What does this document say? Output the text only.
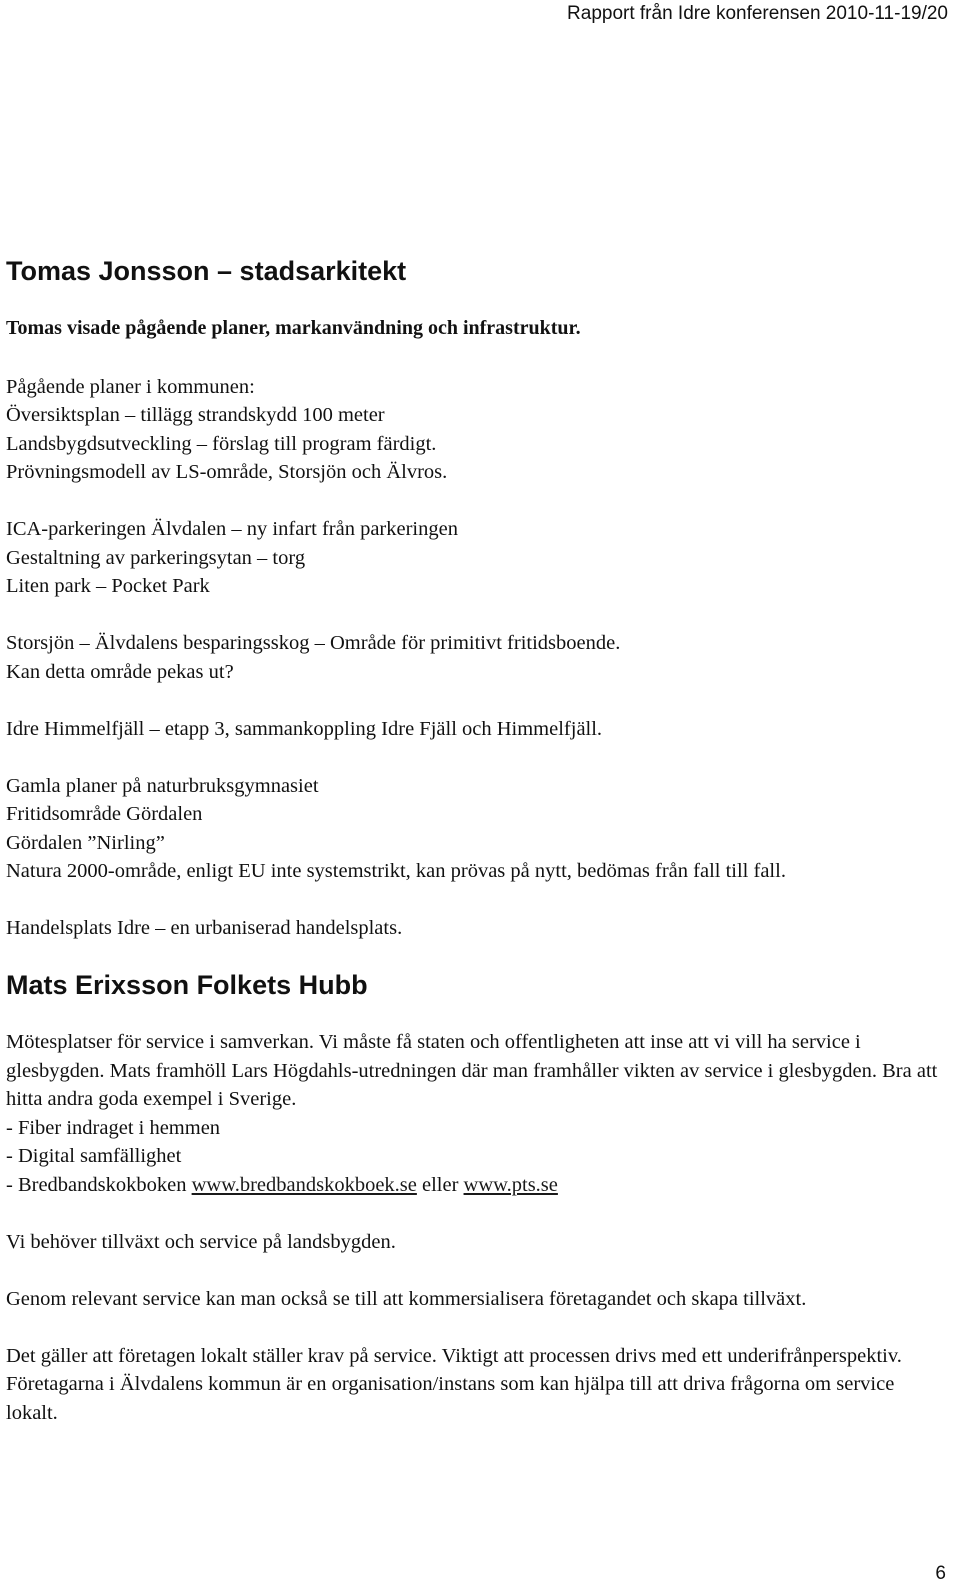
Rapport från Idre konferensen 2010-11-19/20
Tomas Jonsson – stadsarkitekt

Tomas visade pågående planer, markanvändning och infrastruktur.

Pågående planer i kommunen:
Översiktsplan – tillägg strandskydd 100 meter
Landsbygdsutveckling – förslag till program färdigt.
Prövningsmodell av LS-område, Storsjön och Älvros.

ICA-parkeringen Älvdalen – ny infart från parkeringen
Gestaltning av parkeringsytan – torg
Liten park – Pocket Park

Storsjön – Älvdalens besparingsskog – Område för primitivt fritidsboende.
Kan detta område pekas ut?

Idre Himmelfjäll – etapp 3, sammankoppling Idre Fjäll och Himmelfjäll.

Gamla planer på naturbruksgymnasiet
Fritidsområde Gördalen
Gördalen ”Nirling”
Natura 2000-område, enligt EU inte systemstrikt, kan prövas på nytt, bedömas från fall till fall.

Handelsplats Idre – en urbaniserad handelsplats.

Mats Erixsson Folkets Hubb

Mötesplatser för service i samverkan. Vi måste få staten och offentligheten att inse att vi vill ha service i glesbygden. Mats framhöll Lars Högdahls-utredningen där man framhåller vikten av service i glesbygden. Bra att hitta andra goda exempel i Sverige.

- Fiber indraget i hemmen
- Digital samfällighet
- Bredbandskokboken www.bredbandskokboek.se eller www.pts.se

Vi behöver tillväxt och service på landsbygden.

Genom relevant service kan man också se till att kommersialisera företagandet och skapa tillväxt.

Det gäller att företagen lokalt ställer krav på service. Viktigt att processen drivs med ett underifrånperspektiv. Företagarna i Älvdalens kommun är en organisation/instans som kan hjälpa till att driva frågorna om service lokalt.

6
